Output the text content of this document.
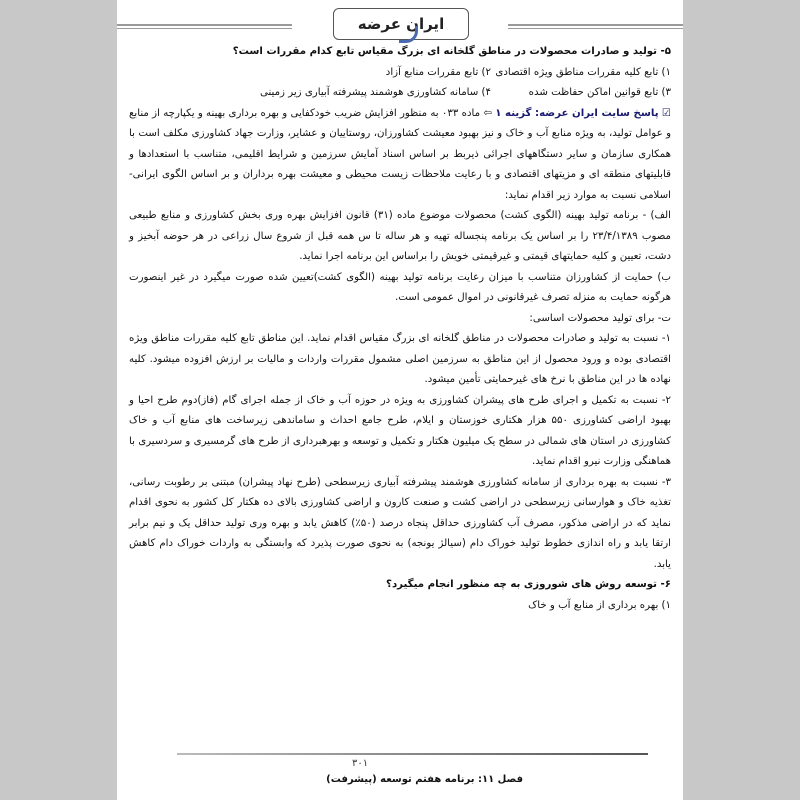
ایران عرضه

۵- تولید و صادرات محصولات در مناطق گلخانه ای بزرگ مقیاس تابع کدام مقررات است؟

۱) تابع کلیه مقررات مناطق ویژه اقتصادی

۲) تابع مقررات منابع آزاد

۳) تابع قوانین اماکن حفاظت شده

۴) سامانه کشاورزی هوشمند پیشرفته آبیاری زیر زمینی

☑ پاسخ سایت ایران عرضه: گزینه ۱ ⇦ ماده ۰۳۳ به منظور افزایش ضریب خودکفایی و بهره برداری بهینه و یکپارچه از منابع و عوامل تولید، به ویژه منابع آب و خاک و نیز بهبود معیشت کشاورزان، روستاییان و عشایر، وزارت جهاد کشاورزی مکلف است با همکاری سازمان و سایر دستگاههای اجرائی ذیربط بر اساس اسناد آمایش سرزمین و شرایط اقلیمی، متناسب با استعدادها و قابلیتهای منطقه ای و مزیتهای اقتصادی و با رعایت ملاحظات زیست محیطی و معیشت بهره برداران و بر اساس الگوی ایرانی- اسلامی نسبت به موارد زیر اقدام نماید:

الف) - برنامه تولید بهینه (الگوی کشت) محصولات موضوع ماده (۳۱) قانون افزایش بهره وری بخش کشاورزی و منابع طبیعی مصوب ۲۳/۴/۱۳۸۹ را بر اساس یک برنامه پنجساله تهیه و هر ساله تا س همه قبل از شروع سال زراعی در هر حوضه آبخیز و دشت، تعیین و کلیه حمایتهای قیمتی و غیرقیمتی خویش را براساس این برنامه اجرا نماید.

ب) حمایت از کشاورزان متناسب با میزان رعایت برنامه تولید بهینه (الگوی کشت)تعیین شده صورت میگیرد در غیر اینصورت هرگونه حمایت به منزله تصرف غیرقانونی در اموال عمومی است.

ت- برای تولید محصولات اساسی:

۱- نسبت به تولید و صادرات محصولات در مناطق گلخانه ای بزرگ مقیاس اقدام نماید. این مناطق تابع کلیه مقررات مناطق ویژه اقتصادی بوده و ورود محصول از این مناطق به سرزمین اصلی مشمول مقررات واردات و مالیات بر ارزش افزوده میشود. کلیه نهاده ها در این مناطق با نرخ های غیرحمایتی تأمین میشود.

۲- نسبت به تکمیل و اجرای طرح های پیشران کشاورزی به ویژه در حوزه آب و خاک از جمله اجرای گام (فاز)دوم طرح احیا و بهبود اراضی کشاورزی ۵۵۰ هزار هکتاری خوزستان و ایلام، طرح جامع احداث و ساماندهی زیرساخت های منابع آب و خاک کشاورزی در استان های شمالی در سطح یک میلیون هکتار و تکمیل و توسعه و بهرهبرداری از طرح های گرمسیری و سردسیری با هماهنگی وزارت نیرو اقدام نماید.

۳- نسبت به بهره برداری از سامانه کشاورزی هوشمند پیشرفته آبیاری زیرسطحی (طرح نهاد پیشران) مبتنی بر رطوبت رسانی، تغذیه خاک و هوارسانی زیرسطحی در اراضی کشت و صنعت کارون و اراضی کشاورزی بالای ده هکتار کل کشور به نحوی اقدام نماید که در اراضی مذکور، مصرف آب کشاورزی حداقل پنجاه درصد (۵۰٪) کاهش یابد و بهره وری تولید حداقل یک و نیم برابر ارتقا یابد و راه اندازی خطوط تولید خوراک دام (سیالژ یونجه) به نحوی صورت پذیرد که وابستگی به واردات خوراک دام کاهش یابد.

۶- توسعه روش های شوروزی به چه منظور انجام میگیرد؟

۱) بهره برداری از منابع آب و خاک

۳۰۱
فصل ۱۱: برنامه هفتم توسعه (پیشرفت)
